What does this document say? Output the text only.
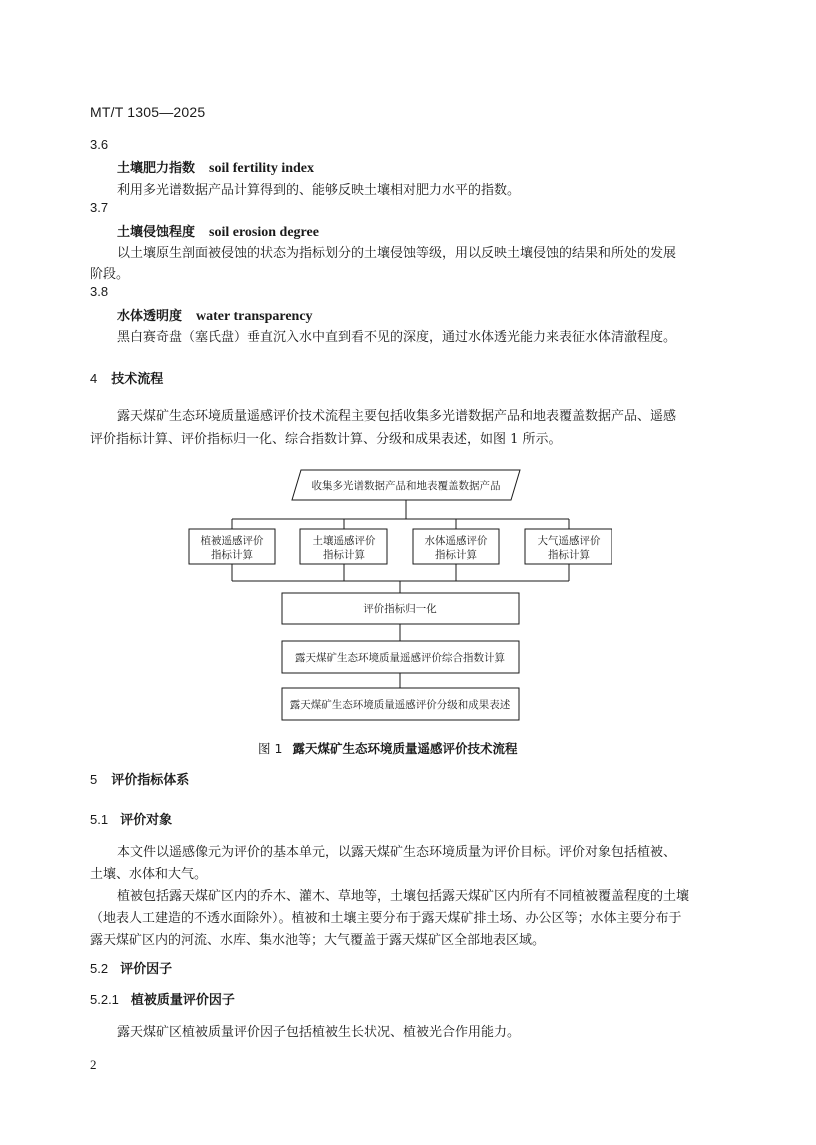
MT/T 1305—2025
3.6
土壤肥力指数 soil fertility index
利用多光谱数据产品计算得到的、能够反映土壤相对肥力水平的指数。
3.7
土壤侵蚀程度 soil erosion degree
以土壤原生剖面被侵蚀的状态为指标划分的土壤侵蚀等级，用以反映土壤侵蚀的结果和所处的发展
阶段。
3.8
水体透明度 water transparency
黑白赛奇盘（塞氏盘）垂直沉入水中直到看不见的深度，通过水体透光能力来表征水体清澈程度。
4 技术流程
露天煤矿生态环境质量遥感评价技术流程主要包括收集多光谱数据产品和地表覆盖数据产品、遥感
评价指标计算、评价指标归一化、综合指数计算、分级和成果表述，如图 1 所示。
收集多光谱数据产品和地表覆盖数据产品
植被遥感评价
指标计算
土壤遥感评价
指标计算
水体遥感评价
指标计算
大气遥感评价
指标计算
评价指标归一化
露天煤矿生态环境质量遥感评价综合指数计算
露天煤矿生态环境质量遥感评价分级和成果表述
图 1 露天煤矿生态环境质量遥感评价技术流程
5 评价指标体系
5.1 评价对象
本文件以遥感像元为评价的基本单元，以露天煤矿生态环境质量为评价目标。评价对象包括植被、
土壤、水体和大气。
植被包括露天煤矿区内的乔木、灌木、草地等，土壤包括露天煤矿区内所有不同植被覆盖程度的土壤
（地表人工建造的不透水面除外）。植被和土壤主要分布于露天煤矿排土场、办公区等；水体主要分布于
露天煤矿区内的河流、水库、集水池等；大气覆盖于露天煤矿区全部地表区域。
5.2 评价因子
5.2.1 植被质量评价因子
露天煤矿区植被质量评价因子包括植被生长状况、植被光合作用能力。
2
